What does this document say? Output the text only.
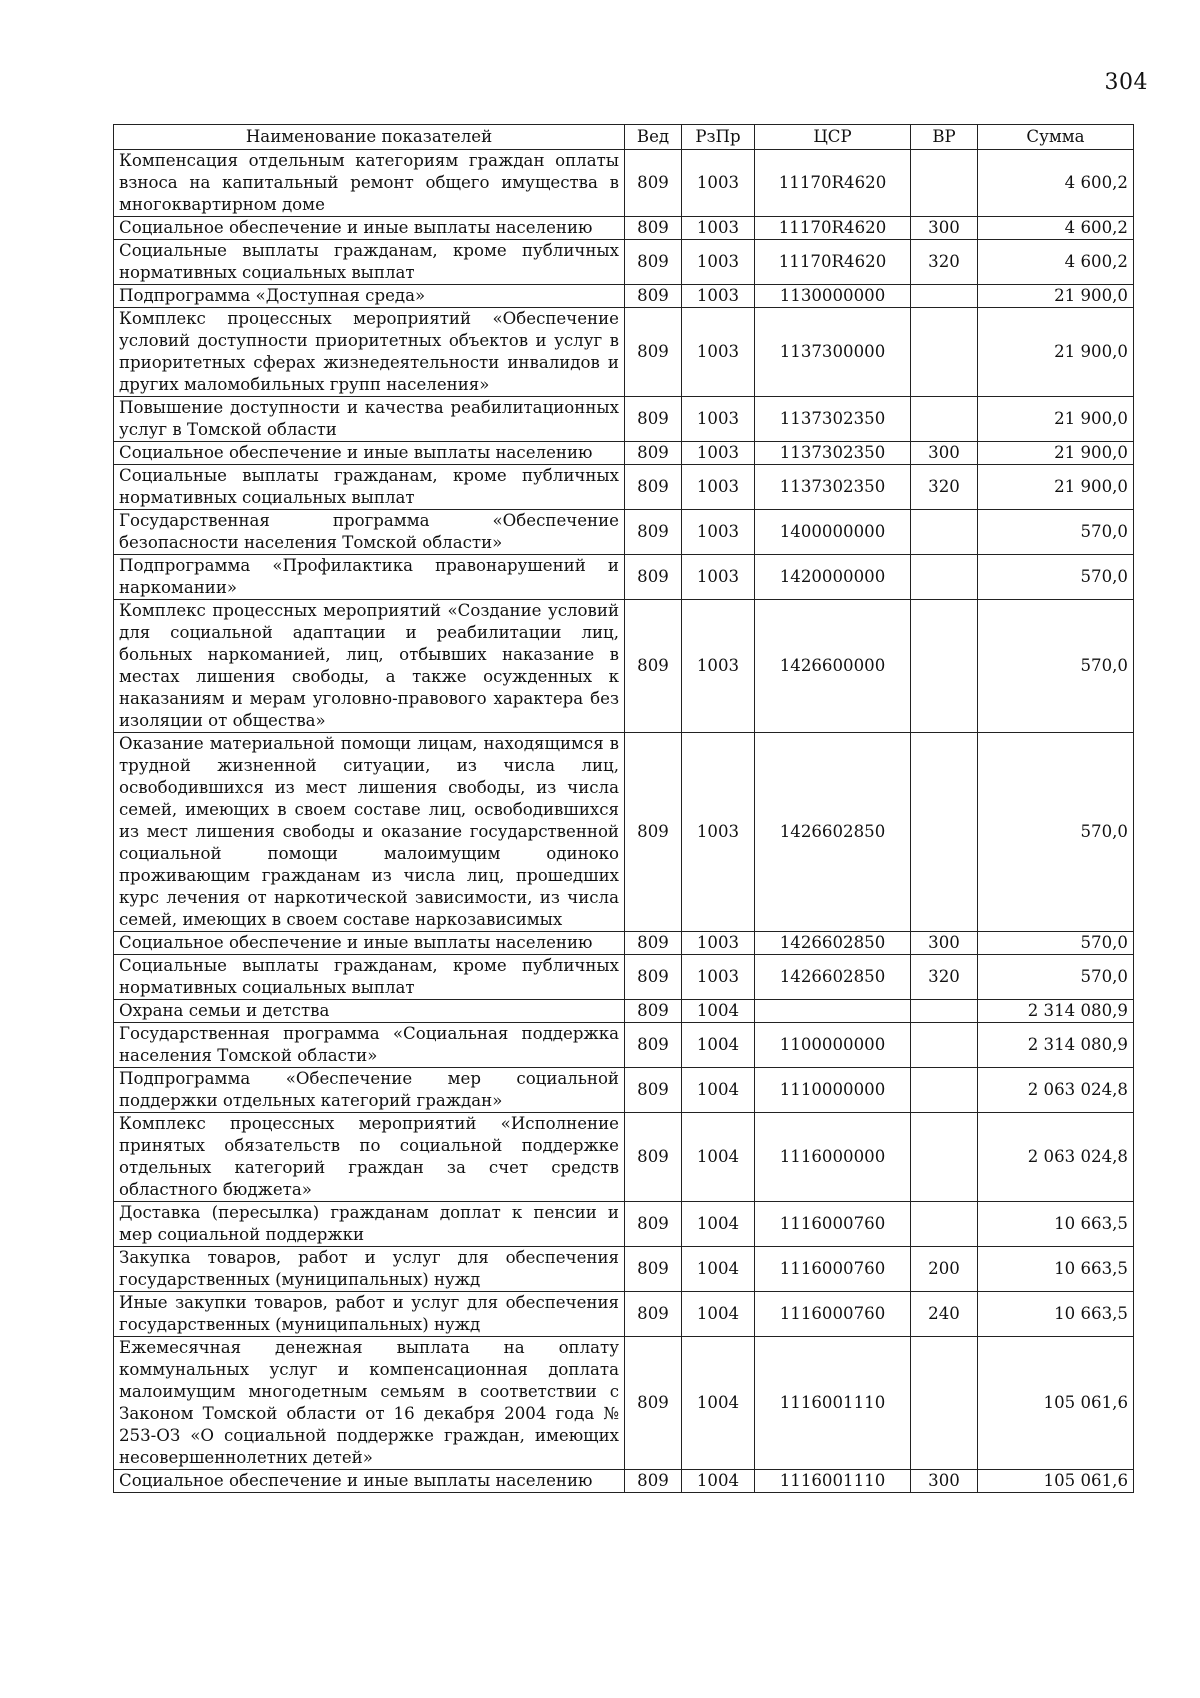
304
Наименование показателей	Вед	РзПр	ЦСР	ВР	Сумма
Компенсация отдельным категориям граждан оплаты взноса на капитальный ремонт общего имущества в многоквартирном доме	809	1003	11170R4620		4 600,2
Социальное обеспечение и иные выплаты населению	809	1003	11170R4620	300	4 600,2
Социальные выплаты гражданам, кроме публичных нормативных социальных выплат	809	1003	11170R4620	320	4 600,2
Подпрограмма «Доступная среда»	809	1003	1130000000		21 900,0
Комплекс процессных мероприятий «Обеспечение условий доступности приоритетных объектов и услуг в приоритетных сферах жизнедеятельности инвалидов и других маломобильных групп населения»	809	1003	1137300000		21 900,0
Повышение доступности и качества реабилитационных услуг в Томской области	809	1003	1137302350		21 900,0
Социальное обеспечение и иные выплаты населению	809	1003	1137302350	300	21 900,0
Социальные выплаты гражданам, кроме публичных нормативных социальных выплат	809	1003	1137302350	320	21 900,0
Государственная программа «Обеспечение безопасности населения Томской области»	809	1003	1400000000		570,0
Подпрограмма «Профилактика правонарушений и наркомании»	809	1003	1420000000		570,0
Комплекс процессных мероприятий «Создание условий для социальной адаптации и реабилитации лиц, больных наркоманией, лиц, отбывших наказание в местах лишения свободы, а также осужденных к наказаниям и мерам уголовно-правового характера без изоляции от общества»	809	1003	1426600000		570,0
Оказание материальной помощи лицам, находящимся в трудной жизненной ситуации, из числа лиц, освободившихся из мест лишения свободы, из числа семей, имеющих в своем составе лиц, освободившихся из мест лишения свободы и оказание государственной социальной помощи малоимущим одиноко проживающим гражданам из числа лиц, прошедших курс лечения от наркотической зависимости, из числа семей, имеющих в своем составе наркозависимых	809	1003	1426602850		570,0
Социальное обеспечение и иные выплаты населению	809	1003	1426602850	300	570,0
Социальные выплаты гражданам, кроме публичных нормативных социальных выплат	809	1003	1426602850	320	570,0
Охрана семьи и детства	809	1004			2 314 080,9
Государственная программа «Социальная поддержка населения Томской области»	809	1004	1100000000		2 314 080,9
Подпрограмма «Обеспечение мер социальной поддержки отдельных категорий граждан»	809	1004	1110000000		2 063 024,8
Комплекс процессных мероприятий «Исполнение принятых обязательств по социальной поддержке отдельных категорий граждан за счет средств областного бюджета»	809	1004	1116000000		2 063 024,8
Доставка (пересылка) гражданам доплат к пенсии и мер социальной поддержки	809	1004	1116000760		10 663,5
Закупка товаров, работ и услуг для обеспечения государственных (муниципальных) нужд	809	1004	1116000760	200	10 663,5
Иные закупки товаров, работ и услуг для обеспечения государственных (муниципальных) нужд	809	1004	1116000760	240	10 663,5
Ежемесячная денежная выплата на оплату коммунальных услуг и компенсационная доплата малоимущим многодетным семьям в соответствии с Законом Томской области от 16 декабря 2004 года № 253-ОЗ «О социальной поддержке граждан, имеющих несовершеннолетних детей»	809	1004	1116001110		105 061,6
Социальное обеспечение и иные выплаты населению	809	1004	1116001110	300	105 061,6
